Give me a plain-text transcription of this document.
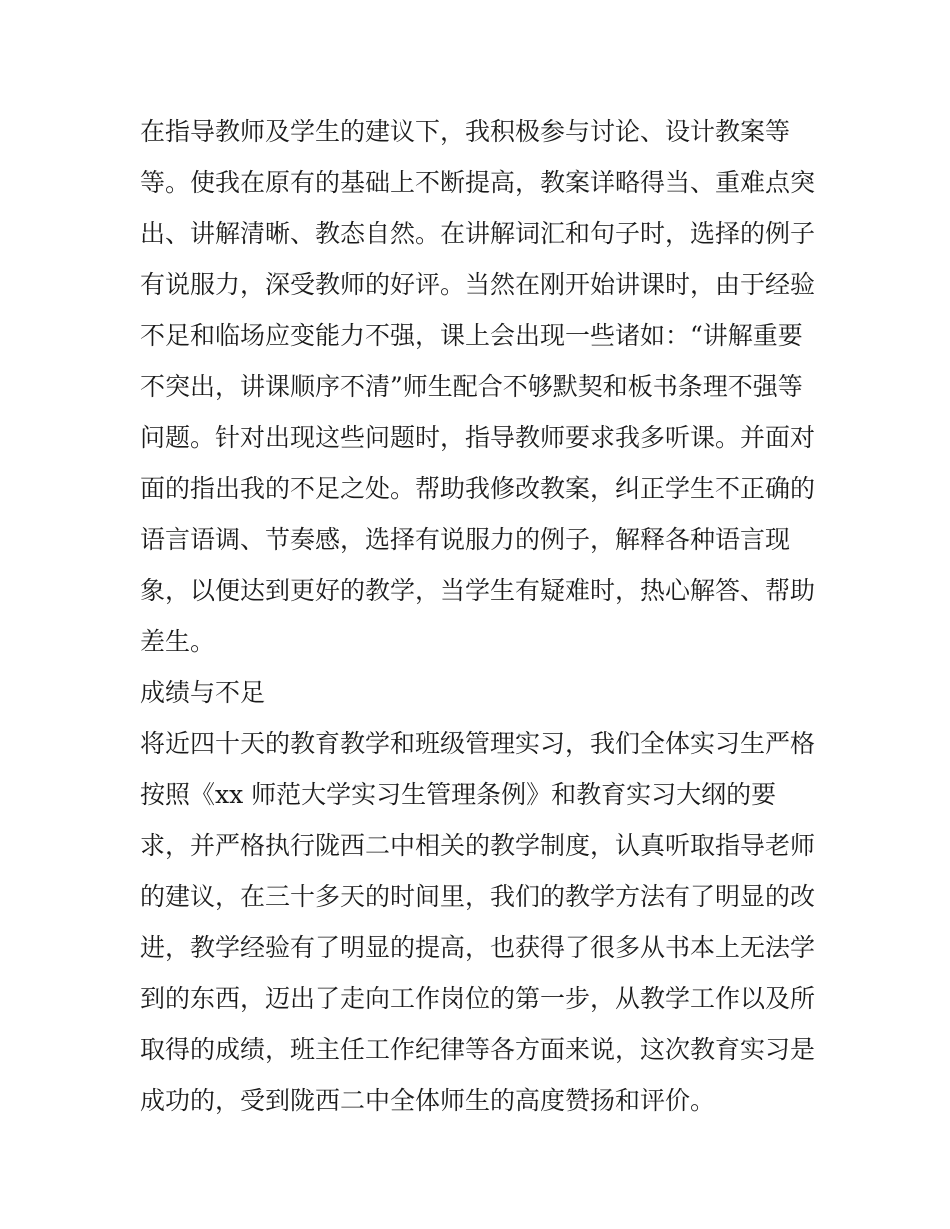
在指导教师及学生的建议下，我积极参与讨论、设计教案等
等。使我在原有的基础上不断提高，教案详略得当、重难点突
出、讲解清晰、教态自然。在讲解词汇和句子时，选择的例子
有说服力，深受教师的好评。当然在刚开始讲课时，由于经验
不足和临场应变能力不强，课上会出现一些诸如：“讲解重要
不突出，讲课顺序不清”师生配合不够默契和板书条理不强等
问题。针对出现这些问题时，指导教师要求我多听课。并面对
面的指出我的不足之处。帮助我修改教案，纠正学生不正确的
语言语调、节奏感，选择有说服力的例子，解释各种语言现
象，以便达到更好的教学，当学生有疑难时，热心解答、帮助
差生。
成绩与不足
将近四十天的教育教学和班级管理实习，我们全体实习生严格
按照《xx 师范大学实习生管理条例》和教育实习大纲的要
求，并严格执行陇西二中相关的教学制度，认真听取指导老师
的建议，在三十多天的时间里，我们的教学方法有了明显的改
进，教学经验有了明显的提高，也获得了很多从书本上无法学
到的东西，迈出了走向工作岗位的第一步，从教学工作以及所
取得的成绩，班主任工作纪律等各方面来说，这次教育实习是
成功的，受到陇西二中全体师生的高度赞扬和评价。
